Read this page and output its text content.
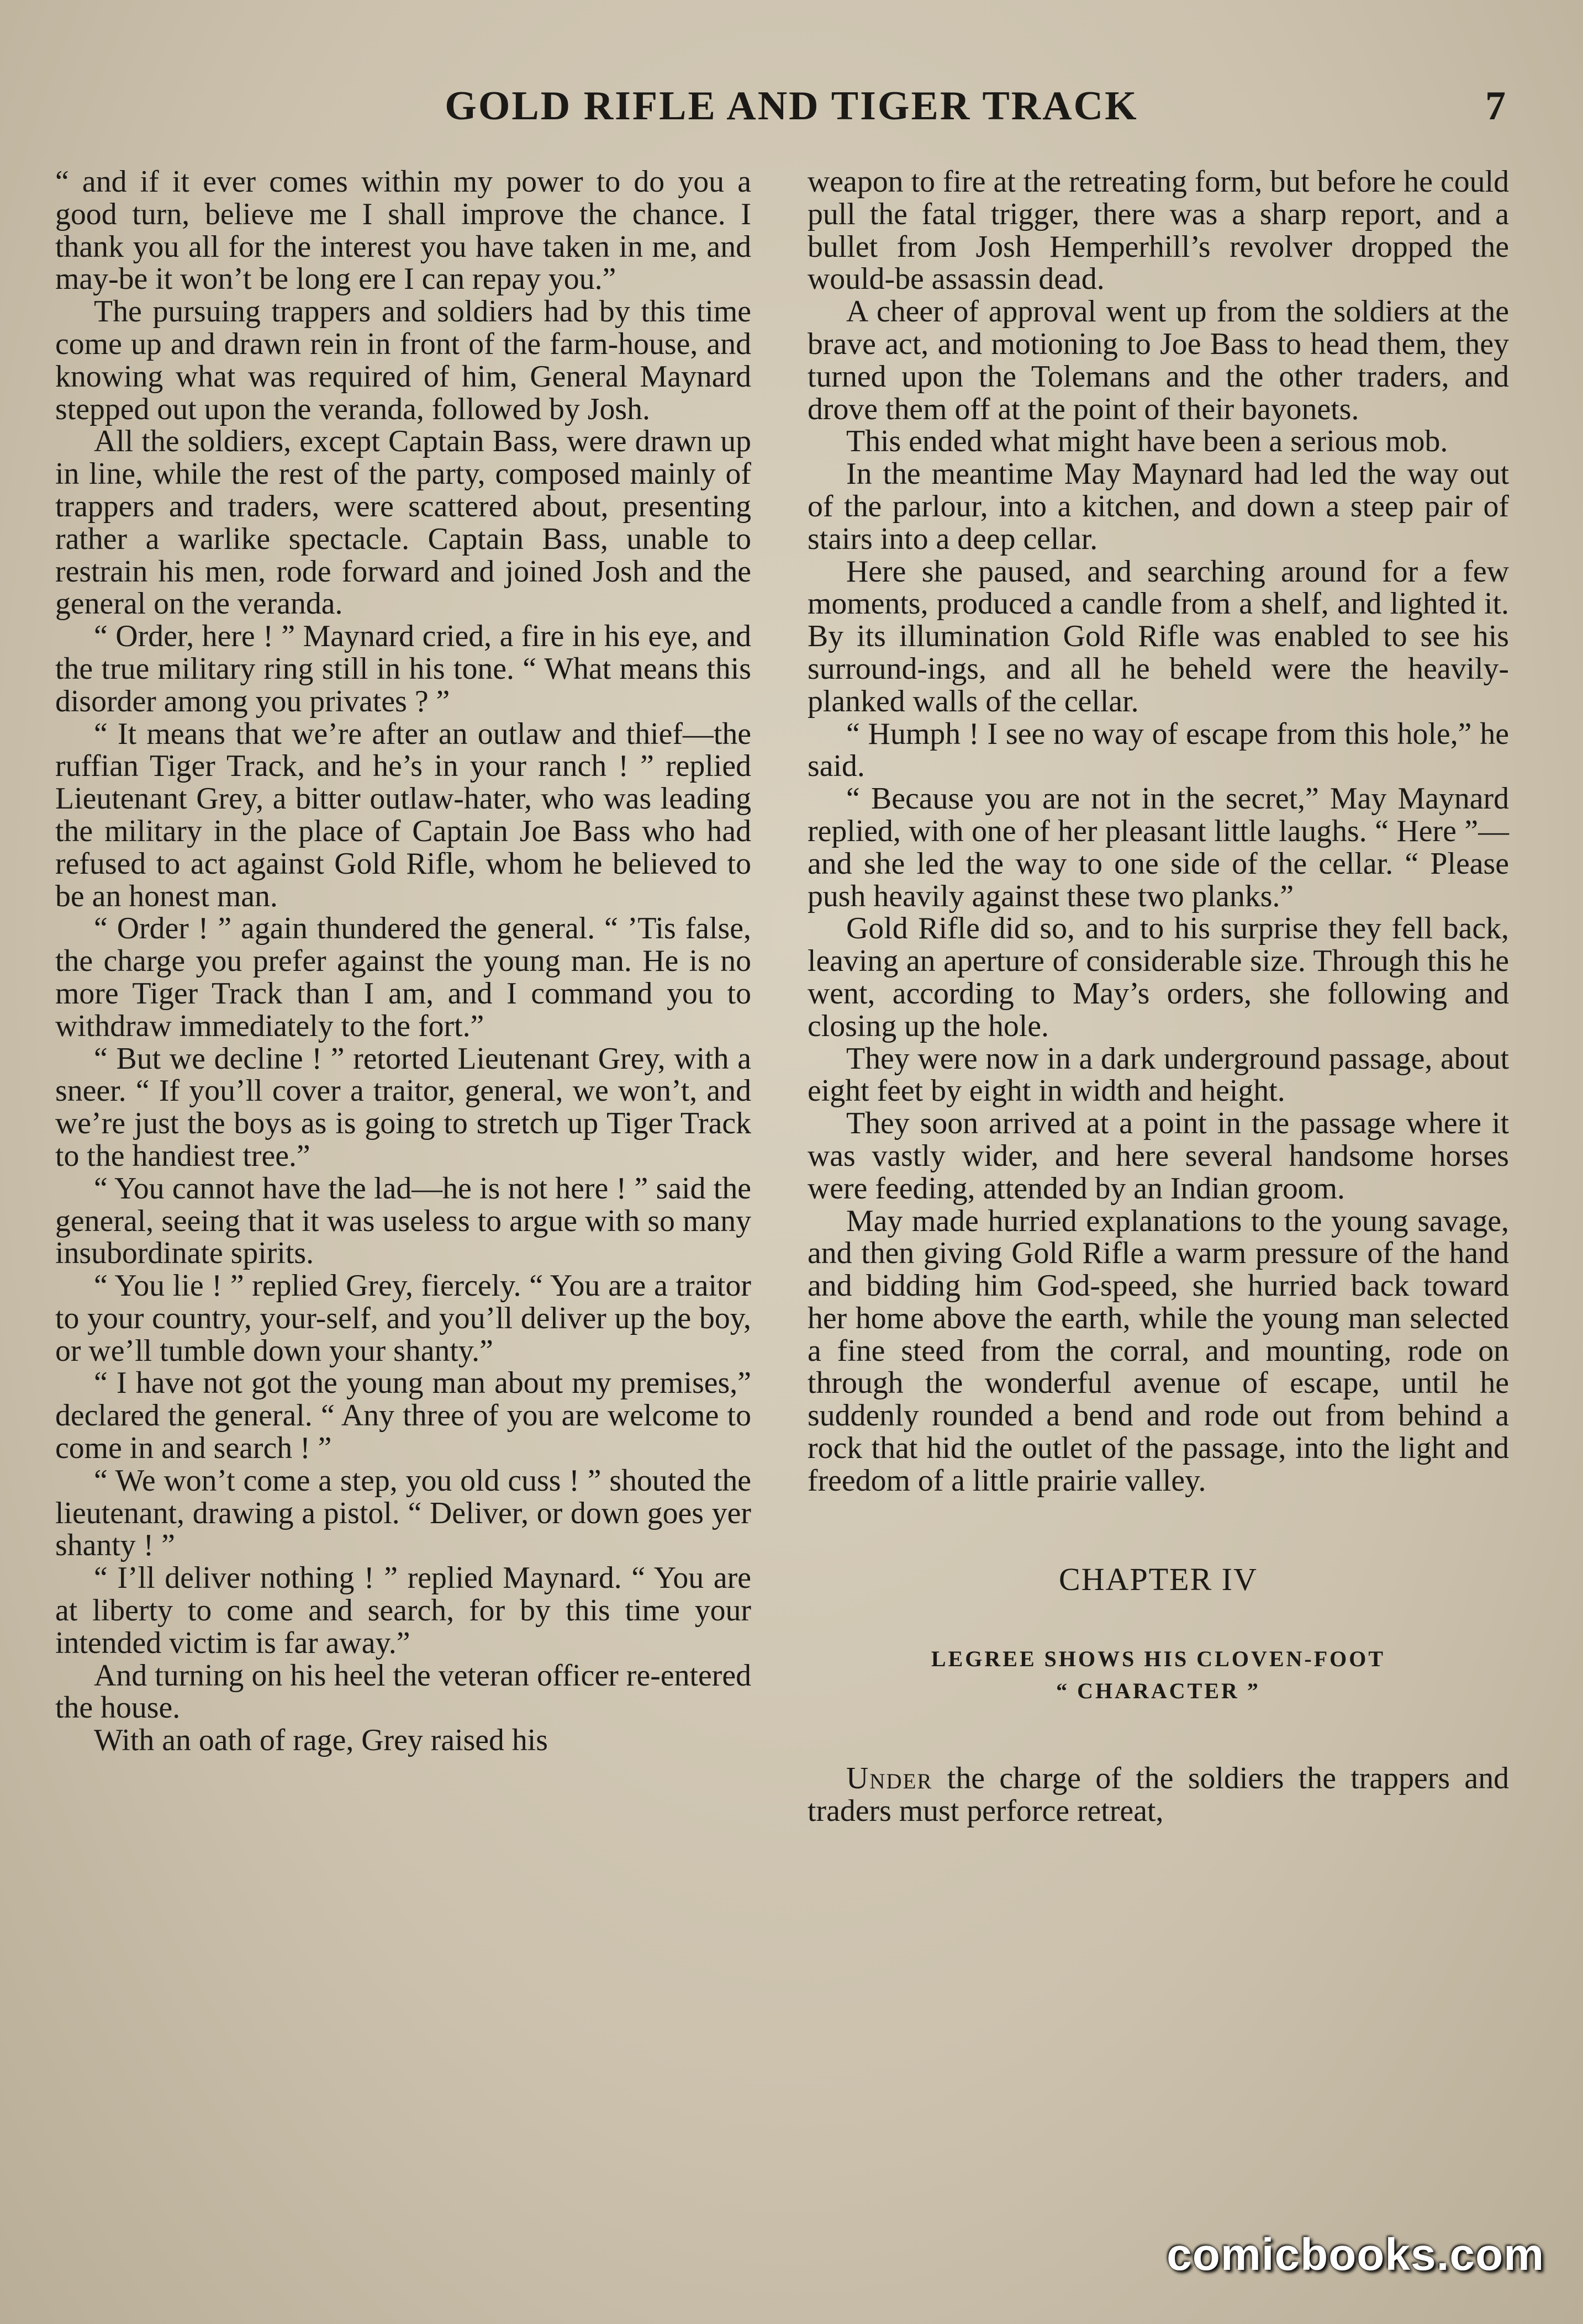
GOLD RIFLE AND TIGER TRACK	7

“ and if it ever comes within my power to do you a good turn, believe me I shall improve the chance. I thank you all for the interest you have taken in me, and may-be it won’t be long ere I can repay you.”

The pursuing trappers and soldiers had by this time come up and drawn rein in front of the farm-house, and knowing what was required of him, General Maynard stepped out upon the veranda, followed by Josh.

All the soldiers, except Captain Bass, were drawn up in line, while the rest of the party, composed mainly of trappers and traders, were scattered about, presenting rather a warlike spectacle. Captain Bass, unable to restrain his men, rode forward and joined Josh and the general on the veranda.

“ Order, here ! ” Maynard cried, a fire in his eye, and the true military ring still in his tone. “ What means this disorder among you privates ? ”

“ It means that we’re after an outlaw and thief—the ruffian Tiger Track, and he’s in your ranch ! ” replied Lieutenant Grey, a bitter outlaw-hater, who was leading the military in the place of Captain Joe Bass who had refused to act against Gold Rifle, whom he believed to be an honest man.

“ Order ! ” again thundered the general. “ ’Tis false, the charge you prefer against the young man. He is no more Tiger Track than I am, and I command you to withdraw immediately to the fort.”

“ But we decline ! ” retorted Lieutenant Grey, with a sneer. “ If you’ll cover a traitor, general, we won’t, and we’re just the boys as is going to stretch up Tiger Track to the handiest tree.”

“ You cannot have the lad—he is not here ! ” said the general, seeing that it was useless to argue with so many insubordinate spirits.

“ You lie ! ” replied Grey, fiercely. “ You are a traitor to your country, your-self, and you’ll deliver up the boy, or we’ll tumble down your shanty.”

“ I have not got the young man about my premises,” declared the general. “ Any three of you are welcome to come in and search ! ”

“ We won’t come a step, you old cuss ! ” shouted the lieutenant, drawing a pistol. “ Deliver, or down goes yer shanty ! ”

“ I’ll deliver nothing ! ” replied Maynard. “ You are at liberty to come and search, for by this time your intended victim is far away.”

And turning on his heel the veteran officer re-entered the house.

With an oath of rage, Grey raised his

weapon to fire at the retreating form, but before he could pull the fatal trigger, there was a sharp report, and a bullet from Josh Hemperhill’s revolver dropped the would-be assassin dead.

A cheer of approval went up from the soldiers at the brave act, and motioning to Joe Bass to head them, they turned upon the Tolemans and the other traders, and drove them off at the point of their bayonets.

This ended what might have been a serious mob.

In the meantime May Maynard had led the way out of the parlour, into a kitchen, and down a steep pair of stairs into a deep cellar.

Here she paused, and searching around for a few moments, produced a candle from a shelf, and lighted it. By its illumination Gold Rifle was enabled to see his surround-ings, and all he beheld were the heavily-planked walls of the cellar.

“ Humph ! I see no way of escape from this hole,” he said.

“ Because you are not in the secret,” May Maynard replied, with one of her pleasant little laughs. “ Here ”—and she led the way to one side of the cellar. “ Please push heavily against these two planks.”

Gold Rifle did so, and to his surprise they fell back, leaving an aperture of considerable size. Through this he went, according to May’s orders, she following and closing up the hole.

They were now in a dark underground passage, about eight feet by eight in width and height.

They soon arrived at a point in the passage where it was vastly wider, and here several handsome horses were feeding, attended by an Indian groom.

May made hurried explanations to the young savage, and then giving Gold Rifle a warm pressure of the hand and bidding him God-speed, she hurried back toward her home above the earth, while the young man selected a fine steed from the corral, and mounting, rode on through the wonderful avenue of escape, until he suddenly rounded a bend and rode out from behind a rock that hid the outlet of the passage, into the light and freedom of a little prairie valley.

CHAPTER IV

LEGREE SHOWS HIS CLOVEN-FOOT

“ CHARACTER ”

Under the charge of the soldiers the trappers and traders must perforce retreat,

comicbooks.com
